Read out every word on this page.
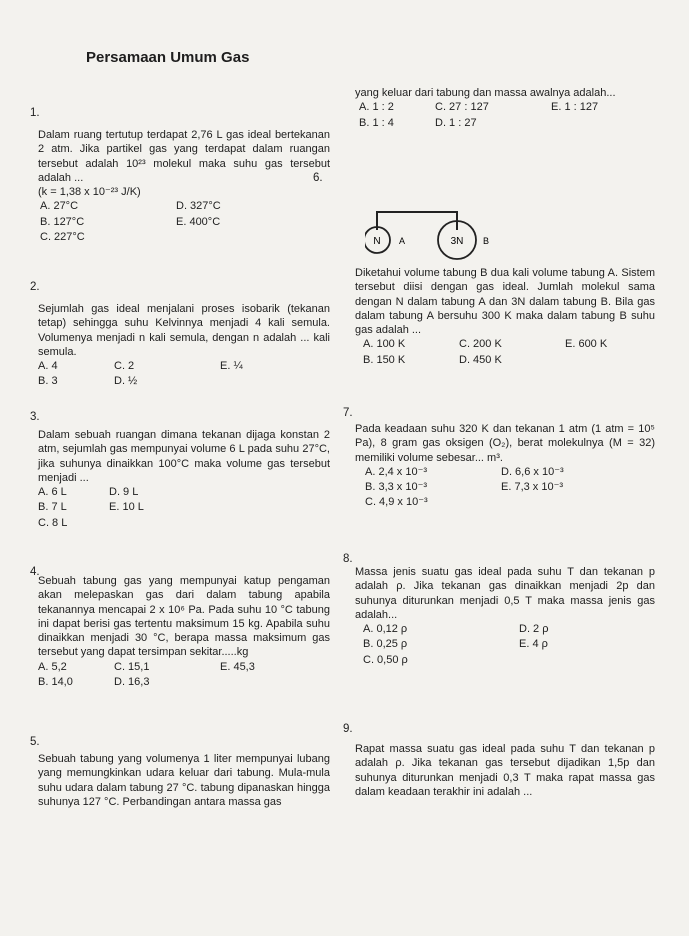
Persamaan Umum Gas
1.

Dalam ruang tertutup terdapat 2,76 L gas ideal bertekanan 2 atm. Jika partikel gas yang terdapat dalam ruangan tersebut adalah 10²³ molekul maka suhu gas tersebut adalah ...

(k = 1,38 x 10⁻²³ J/K)
A. 27°C	D. 327°C
B. 127°C	E. 400°C
C. 227°C
2.

Sejumlah gas ideal menjalani proses isobarik (tekanan tetap) sehingga suhu Kelvinnya menjadi 4 kali semula. Volumenya menjadi n kali semula, dengan n adalah ... kali semula.

A. 4	C. 2	E. ¼
B. 3	D. ½
3.

Dalam sebuah ruangan dimana tekanan dijaga konstan 2 atm, sejumlah gas mempunyai volume 6 L pada suhu 27°C, jika suhunya dinaikkan 100°C maka volume gas tersebut menjadi ...

A. 6 L	D. 9 L
B. 7 L	E. 10 L
C. 8 L
4.

Sebuah tabung gas yang mempunyai katup pengaman akan melepaskan gas dari dalam tabung apabila tekanannya mencapai 2 x 10⁶ Pa. Pada suhu 10 °C tabung ini dapat berisi gas tertentu maksimum 15 kg. Apabila suhu dinaikkan menjadi 30 °C, berapa massa maksimum gas tersebut yang dapat tersimpan sekitar.....kg

A. 5,2	C. 15,1	E. 45,3
B. 14,0	D. 16,3
5.

Sebuah tabung yang volumenya 1 liter mempunyai lubang yang memungkinkan udara keluar dari tabung. Mula-mula suhu udara dalam tabung 27 °C. tabung dipanaskan hingga suhunya 127 °C. Perbandingan antara massa gas

yang keluar dari tabung dan massa awalnya adalah...

A. 1 : 2	C. 27 : 127	E. 1 : 127
B. 1 : 4	D. 1 : 27
6.
N A	3N B

Diketahui volume tabung B dua kali volume tabung A. Sistem tersebut diisi dengan gas ideal. Jumlah molekul sama dengan N dalam tabung A dan 3N dalam tabung B. Bila gas dalam tabung A bersuhu 300 K maka dalam tabung B suhu gas adalah ...

A. 100 K	C. 200 K	E. 600 K
B. 150 K	D. 450 K
7.

Pada keadaan suhu 320 K dan tekanan 1 atm (1 atm = 10⁵ Pa), 8 gram gas oksigen (O₂), berat molekulnya (M = 32) memiliki volume sebesar... m³.

A. 2,4 x 10⁻³	D. 6,6 x 10⁻³
B. 3,3 x 10⁻³	E. 7,3 x 10⁻³
C. 4,9 x 10⁻³
8.

Massa jenis suatu gas ideal pada suhu T dan tekanan p adalah ρ. Jika tekanan gas dinaikkan menjadi 2p dan suhunya diturunkan menjadi 0,5 T maka massa jenis gas adalah...

A. 0,12 ρ	D. 2 ρ
B. 0,25 ρ	E. 4 ρ
C. 0,50 ρ
9.

Rapat massa suatu gas ideal pada suhu T dan tekanan p adalah ρ. Jika tekanan gas tersebut dijadikan 1,5p dan suhunya diturunkan menjadi 0,3 T maka rapat massa gas dalam keadaan terakhir ini adalah ...
